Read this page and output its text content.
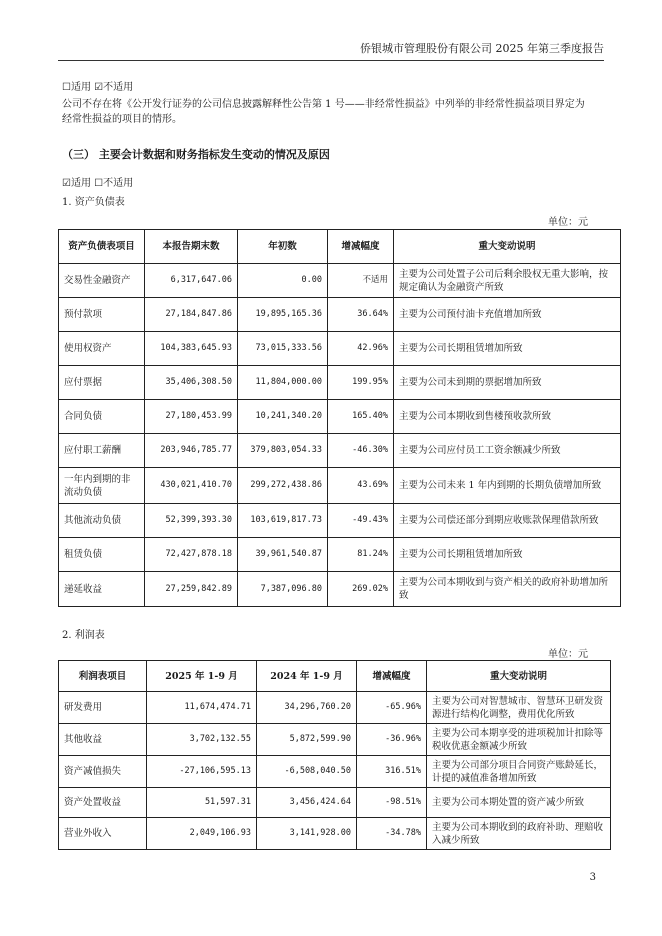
侨银城市管理股份有限公司 2025 年第三季度报告
☐适用 ☑不适用
公司不存在将《公开发行证券的公司信息披露解释性公告第 1 号——非经常性损益》中列举的非经常性损益项目界定为经常性损益的项目的情形。
（三） 主要会计数据和财务指标发生变动的情况及原因
☑适用 ☐不适用
1. 资产负债表
单位：元
资产负债表项目	本报告期末数	年初数	增减幅度	重大变动说明
交易性金融资产	6,317,647.06	0.00	不适用	主要为公司处置子公司后剩余股权无重大影响，按规定确认为金融资产所致
预付款项	27,184,847.86	19,895,165.36	36.64%	主要为公司预付油卡充值增加所致
使用权资产	104,383,645.93	73,015,333.56	42.96%	主要为公司长期租赁增加所致
应付票据	35,406,308.50	11,804,000.00	199.95%	主要为公司未到期的票据增加所致
合同负债	27,180,453.99	10,241,340.20	165.40%	主要为公司本期收到售楼预收款所致
应付职工薪酬	203,946,785.77	379,803,054.33	-46.30%	主要为公司应付员工工资余额减少所致
一年内到期的非流动负债	430,021,410.70	299,272,438.86	43.69%	主要为公司未来 1 年内到期的长期负债增加所致
其他流动负债	52,399,393.30	103,619,817.73	-49.43%	主要为公司偿还部分到期应收账款保理借款所致
租赁负债	72,427,878.18	39,961,540.87	81.24%	主要为公司长期租赁增加所致
递延收益	27,259,842.89	7,387,096.80	269.02%	主要为公司本期收到与资产相关的政府补助增加所致
2. 利润表
单位：元
利润表项目	2025 年 1-9 月	2024 年 1-9 月	增减幅度	重大变动说明
研发费用	11,674,474.71	34,296,760.20	-65.96%	主要为公司对智慧城市、智慧环卫研发资源进行结构化调整，费用优化所致
其他收益	3,702,132.55	5,872,599.90	-36.96%	主要为公司本期享受的进项税加计扣除等税收优惠金额减少所致
资产减值损失	-27,106,595.13	-6,508,040.50	316.51%	主要为公司部分项目合同资产账龄延长，计提的减值准备增加所致
资产处置收益	51,597.31	3,456,424.64	-98.51%	主要为公司本期处置的资产减少所致
营业外收入	2,049,106.93	3,141,928.00	-34.78%	主要为公司本期收到的政府补助、理赔收入减少所致
3
